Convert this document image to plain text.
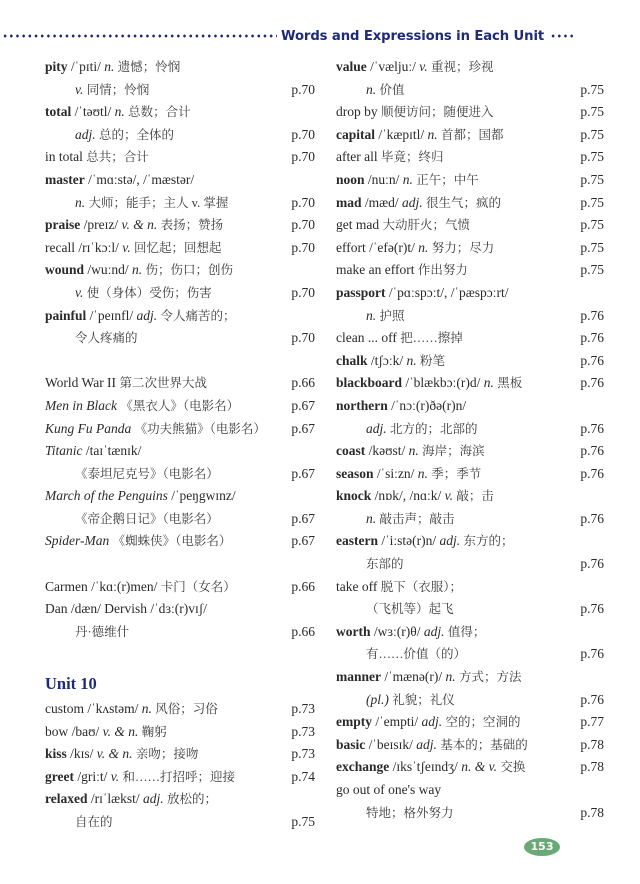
Words and Expressions in Each Unit
pity /ˈpɪti/ n. 遗憾；怜悯
v. 同情；怜悯	p.70
total /ˈtəʊtl/ n. 总数；合计
adj. 总的；全体的	p.70
in total 总共；合计	p.70
master /ˈmɑːstə/, /ˈmæstər/
n. 大师；能手；主人 v. 掌握	p.70
praise /preɪz/ v. & n. 表扬；赞扬	p.70
recall /rɪˈkɔːl/ v. 回忆起；回想起	p.70
wound /wuːnd/ n. 伤；伤口；创伤
v. 使（身体）受伤；伤害	p.70
painful /ˈpeɪnfl/ adj. 令人痛苦的；
令人疼痛的	p.70
World War II 第二次世界大战	p.66
Men in Black 《黑衣人》（电影名）	p.67
Kung Fu Panda 《功夫熊猫》（电影名） p.67
Titanic /taɪˈtænɪk/
《泰坦尼克号》（电影名）	p.67
March of the Penguins /ˈpeŋgwɪnz/
《帝企鹅日记》（电影名）	p.67
Spider-Man 《蜘蛛侠》（电影名）	p.67
Carmen /ˈkɑː(r)men/ 卡门（女名）	p.66
Dan /dæn/ Dervish /ˈdɜː(r)vɪʃ/
丹·德维什	p.66
Unit 10
custom /ˈkʌstəm/ n. 风俗；习俗	p.73
bow /baʊ/ v. & n. 鞠躬	p.73
kiss /kɪs/ v. & n. 亲吻；接吻	p.73
greet /griːt/ v. 和……打招呼；迎接	p.74
relaxed /rɪˈlækst/ adj. 放松的；
自在的	p.75
value /ˈvæljuː/ v. 重视；珍视
n. 价值	p.75
drop by 顺便访问；随便进入	p.75
capital /ˈkæpɪtl/ n. 首都；国都	p.75
after all 毕竟；终归	p.75
noon /nuːn/ n. 正午；中午	p.75
mad /mæd/ adj. 很生气；疯的	p.75
get mad 大动肝火；气愤	p.75
effort /ˈefə(r)t/ n. 努力；尽力	p.75
make an effort 作出努力	p.75
passport /ˈpɑːspɔːt/, /ˈpæspɔːrt/
n. 护照	p.76
clean ... off 把……擦掉	p.76
chalk /tʃɔːk/ n. 粉笔	p.76
blackboard /ˈblækbɔː(r)d/ n. 黑板	p.76
northern /ˈnɔː(r)ðə(r)n/
adj. 北方的；北部的	p.76
coast /kəʊst/ n. 海岸；海滨	p.76
season /ˈsiːzn/ n. 季；季节	p.76
knock /nɒk/, /nɑːk/ v. 敲；击
n. 敲击声；敲击	p.76
eastern /ˈiːstə(r)n/ adj. 东方的；
东部的	p.76
take off 脱下（衣服）；
（飞机等）起飞	p.76
worth /wɜː(r)θ/ adj. 值得；
有……价值（的）	p.76
manner /ˈmænə(r)/ n. 方式；方法
(pl.) 礼貌；礼仪	p.76
empty /ˈempti/ adj. 空的；空洞的	p.77
basic /ˈbeɪsɪk/ adj. 基本的；基础的	p.78
exchange /ɪksˈtʃeɪndʒ/ n. & v. 交换	p.78
go out of one's way
特地；格外努力	p.78
153
